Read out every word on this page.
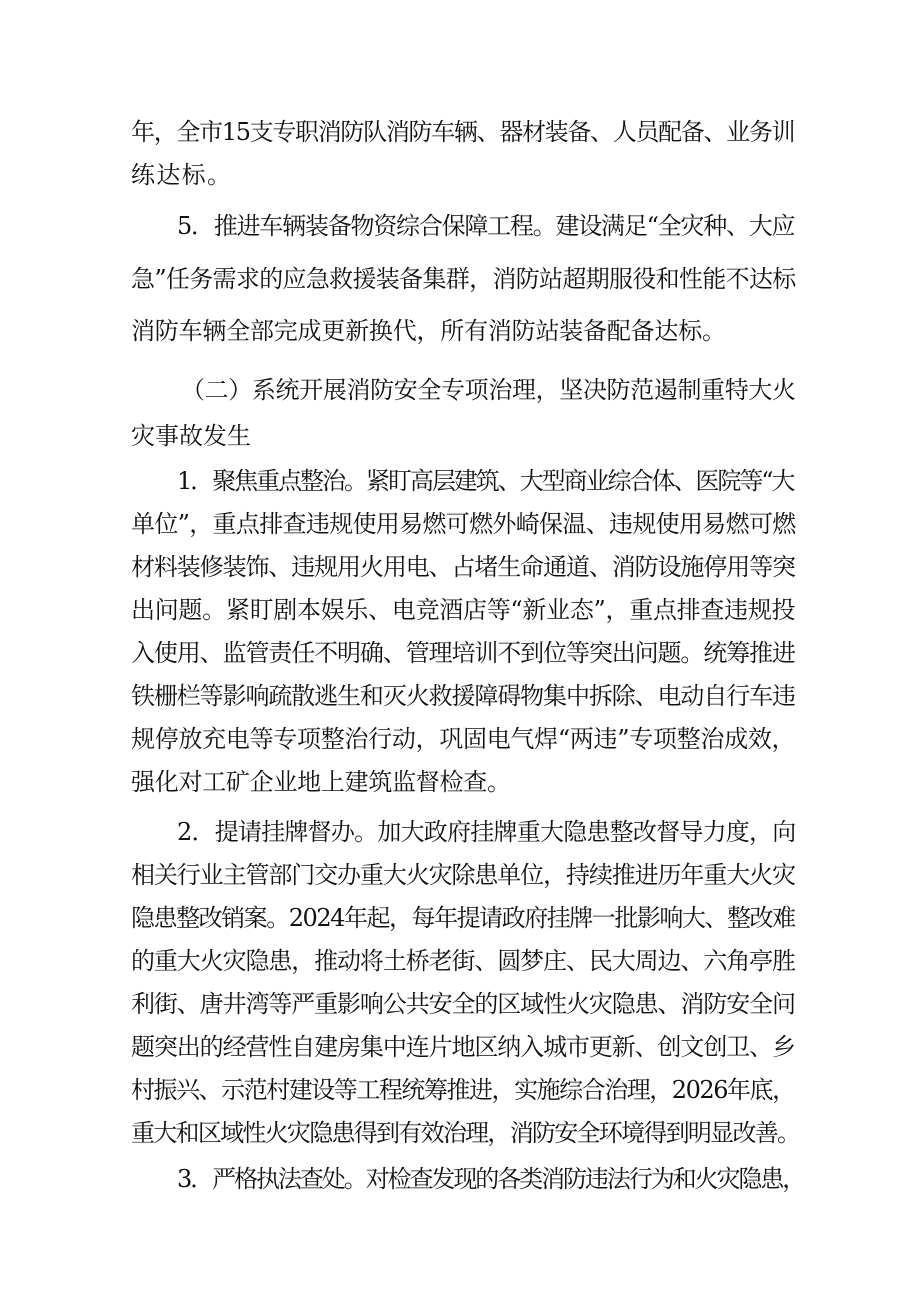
年，全市15支专职消防队消防车辆、器材装备、人员配备、业务训
练达标。
5．推进车辆装备物资综合保障工程。建设满足“全灾种、大应
急”任务需求的应急救援装备集群，消防站超期服役和性能不达标
消防车辆全部完成更新换代，所有消防站装备配备达标。
（二）系统开展消防安全专项治理，坚决防范遏制重特大火
灾事故发生
1．聚焦重点整治。紧盯高层建筑、大型商业综合体、医院等“大
单位”，重点排查违规使用易燃可燃外崎保温、违规使用易燃可燃
材料装修装饰、违规用火用电、占堵生命通道、消防设施停用等突
出问题。紧盯剧本娱乐、电竞酒店等“新业态”，重点排查违规投
入使用、监管责任不明确、管理培训不到位等突出问题。统筹推进
铁栅栏等影响疏散逃生和灭火救援障碍物集中拆除、电动自行车违
规停放充电等专项整治行动，巩固电气焊“两违”专项整治成效，
强化对工矿企业地上建筑监督检查。
2．提请挂牌督办。加大政府挂牌重大隐患整改督导力度，向
相关行业主管部门交办重大火灾除患单位，持续推进历年重大火灾
隐患整改销案。2024年起，每年提请政府挂牌一批影响大、整改难
的重大火灾隐患，推动将土桥老街、圆梦庄、民大周边、六角亭胜
利街、唐井湾等严重影响公共安全的区域性火灾隐患、消防安全问
题突出的经营性自建房集中连片地区纳入城市更新、创文创卫、乡
村振兴、示范村建设等工程统筹推进，实施综合治理，2026年底，
重大和区域性火灾隐患得到有效治理，消防安全环境得到明显改善。
3．严格执法查处。对检查发现的各类消防违法行为和火灾隐患，
